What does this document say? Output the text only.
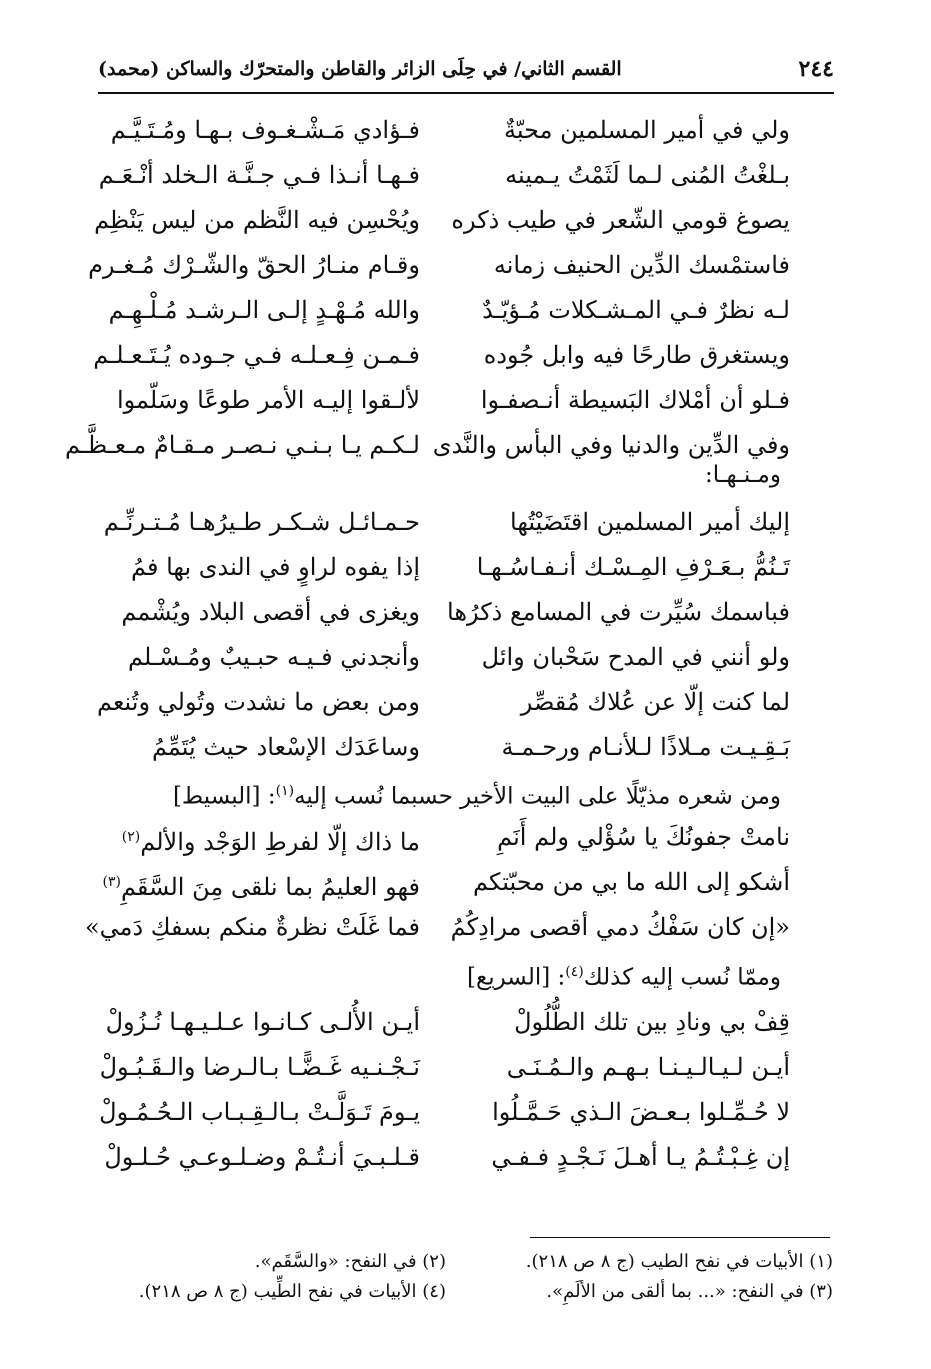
٢٤٤
القسم الثاني/ في حِلَى الزائر والقاطن والمتحرّك والساكن (محمد)
ولي في أمير المسلمين محبّةٌ
فـؤادي مَـشْـغـوف بـهـا ومُـتَـيَّـم
بـلغْتُ المُنى لـما لَثَمْتُ يـمينه
فـهـا أنـذا فـي جـنَّـة الـخلد أنْـعَـم
يصوغ قومي الشّعر في طيب ذكره
ويُحْسِن فيه النَّظم من ليس يَنْظِم
فاستمْسك الدِّين الحنيف زمانه
وقـام منـارُ الحقّ والشّـرْك مُـغـرم
لـه نظرٌ فـي المـشـكلات مُـؤيّـدٌ
والله مُـهْـدٍ إلـى الـرشـد مُـلْـهِـم
ويستغرق طارحًا فيه وابل جُوده
فـمـن فِـعـلـه فـي جـوده يُـتَـعـلـم
فـلو أن أمْلاك البَسيطة أنـصفـوا
لألـقوا إليـه الأمر طوعًا وسَلّموا
وفي الدِّين والدنيا وفي البأس والنَّدى
لـكـم يـا بـنـي نـصـر مـقـامٌ مـعـظَّـم
ومـنـهـا:
إليك أمير المسلمين اقتَضَيْتُها
حـمـائـل شـكـر طـيرُهـا مُـتـرنِّـم
تَـنُمُّ بـعَـرْفِ المِـسْـك أنـفـاسُـهـا
إذا يفوه لراوٍ في الندى بها فمُ
فباسمك سُيِّرت في المسامع ذكرُها
ويغزى في أقصى البلاد ويُشْمم
ولو أنني في المدح سَحْبان وائل
وأنجدني فـيـه حبـيبٌ ومُـسْـلم
لما كنت إلّا عن عُلاك مُقصِّر
ومن بعض ما نشدت وتُولي وتُنعم
بَـقِـيـت مـلاذًا لـلأنـام ورحـمـة
وساعَدَك الإسْعاد حيث يُتَمِّمُ
ومن شعره مذيّلًا على البيت الأخير حسبما نُسب إليه$^{(١)}$: [البسيط]
نامتْ جفونُكَ يا سُؤْلي ولم أَنَمِ
ما ذاك إلّا لفرطِ الوَجْد والألم$^{(٢)}$
أشكو إلى الله ما بي من محبّتكم
فهو العليمُ بما نلقى مِنَ السَّقَمِ$^{(٣)}$
«إن كان سَفْكُ دمي أقصى مرادِكُمُ
فما غَلَتْ نظرةٌ منكم بسفكِ دَمي»
وممّا نُسب إليه كذلك$^{(٤)}$: [السريع]
قِفْ بي ونادِ بين تلك الطُّلُولْ
أيـن الأُلـى كـانـوا عـلـيـهـا نُـزُولْ
أيـن لـيـالـيـنـا بـهـم والـمُـنَـى
نَـجْـنـيه غَـضًّـا بـالـرضا والـقَـبُـولْ
لا حُـمِّـلوا بـعـضَ الـذي حَـمَّـلُوا
يـومَ تَـوَلَّـتْ بـالـقِـبـاب الـحُـمُـولْ
إن غِـبْـتُـمُ يـا أهـلَ نَـجْـدٍ فـفـي
قـلـبـيَ أنـتُـمْ وضـلـوعـي حُـلـولْ
(١) الأبيات في نفح الطيب (ج ٨ ص ٢١٨).
(٢) في النفح: «والسَّقَم».
(٣) في النفح: «... بما ألقى من الألَمِ».
(٤) الأبيات في نفح الطِّيب (ج ٨ ص ٢١٨).
